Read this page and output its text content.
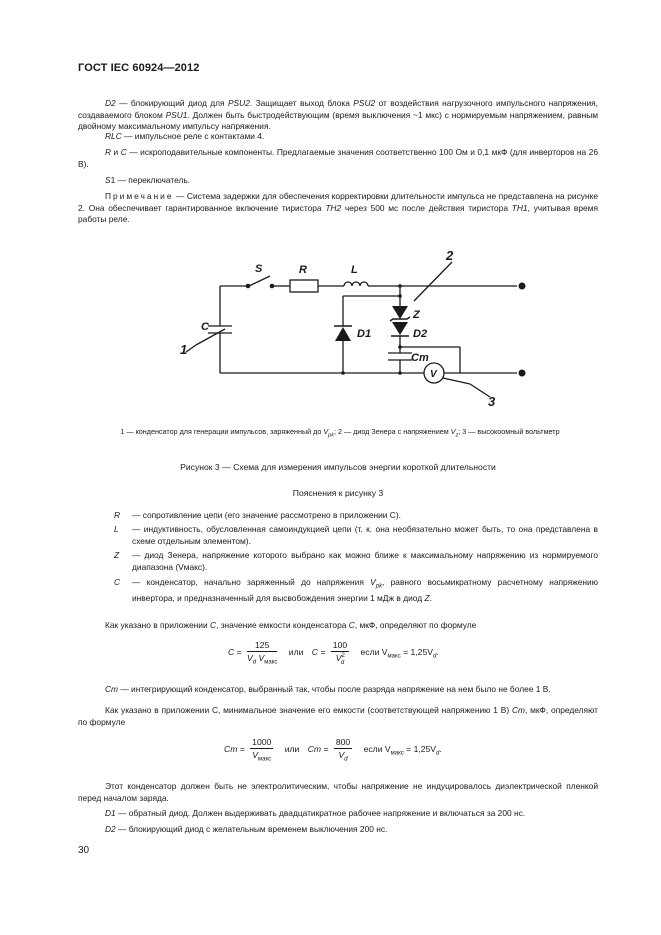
ГОСТ IEC 60924—2012

D2 — блокирующий диод для PSU2. Защищает выход блока PSU2 от воздействия нагрузочного импульсного напряжения, создаваемого блоком PSU1. Должен быть быстродействующим (время выключения ~1 мкс) с нормируемым напряжением, равным двойному максимальному импульсу напряжения.

RLC — импульсное реле с контактами 4.

R и C — искроподавительные компоненты. Предлагаемые значения соответственно 100 Ом и 0,1 мкФ (для инверторов на 26 В).

S1 — переключатель.

Примечание — Система задержки для обеспечения корректировки длительности импульса не представлена на рисунке 2. Она обеспечивает гарантированное включение тиристора TH2 через 500 мс после действия тиристора TH1, учитывая время работы реле.

S	R	L
C
D1	D2
Z
Cm
V
1
2
3
1 — конденсатор для генерации импульсов, заряженный до $V_{pk}$; 2 — диод Зенера с напряжением $V_z$; 3 — высокоомный вольтметр
Рисунок 3 — Схема для измерения импульсов энергии короткой длительности
Пояснения к рисунку 3
R — сопротивление цепи (его значение рассмотрено в приложении С).
L — индуктивность, обусловленная самоиндукцией цепи (т. к. она необязательно может быть, то она представлена в схеме отдельным элементом).
Z — диод Зенера, напряжение которого выбрано как можно ближе к максимальному напряжению из нормируемого диапазона (Vмакс).
C — конденсатор, начально заряженный до напряжения $V_{pk}$, равного восьмикратному расчетному напряжению инвертора, и предназначенный для высвобождения энергии 1 мДж в диод Z.

Как указано в приложении C, значение емкости конденсатора C, мкФ, определяют по формуле

$C = \frac{125}{V_d V_{макс}}$ или $C = \frac{100}{V^2_d}$ если $V_{макс} = 1,25V_d$.

Cm — интегрирующий конденсатор, выбранный так, чтобы после разряда напряжение на нем было не более 1 В.

Как указано в приложении С, минимальное значение его емкости (соответствующей напряжению 1 В) Cm, мкФ, определяют по формуле

$Cm = \frac{1000}{V_{макс}}$ или $Cm = \frac{800}{V_d}$ если $V_{макс} = 1,25V_d$.

Этот конденсатор должен быть не электролитическим, чтобы напряжение не индуцировалось диэлектрической пленкой перед началом заряда.

D1 — обратный диод. Должен выдерживать двадцатикратное рабочее напряжение и включаться за 200 нс.

D2 — блокирующий диод с желательным временем выключения 200 нс.

30
